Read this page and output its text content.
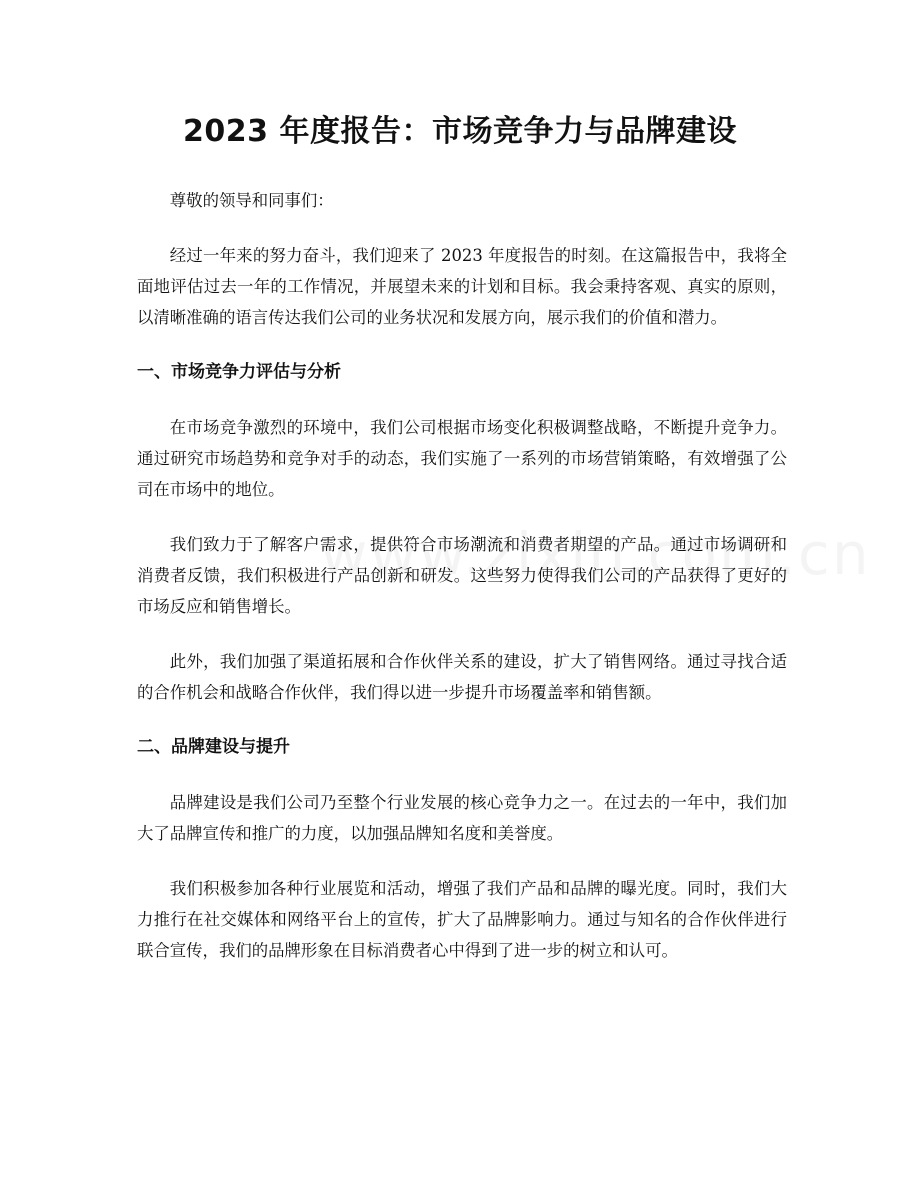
2023 年度报告：市场竞争力与品牌建设

尊敬的领导和同事们：

经过一年来的努力奋斗，我们迎来了 2023 年度报告的时刻。在这篇报告中，我将全面地评估过去一年的工作情况，并展望未来的计划和目标。我会秉持客观、真实的原则，以清晰准确的语言传达我们公司的业务状况和发展方向，展示我们的价值和潜力。

一、市场竞争力评估与分析

在市场竞争激烈的环境中，我们公司根据市场变化积极调整战略，不断提升竞争力。通过研究市场趋势和竞争对手的动态，我们实施了一系列的市场营销策略，有效增强了公司在市场中的地位。

我们致力于了解客户需求，提供符合市场潮流和消费者期望的产品。通过市场调研和消费者反馈，我们积极进行产品创新和研发。这些努力使得我们公司的产品获得了更好的市场反应和销售增长。

此外，我们加强了渠道拓展和合作伙伴关系的建设，扩大了销售网络。通过寻找合适的合作机会和战略合作伙伴，我们得以进一步提升市场覆盖率和销售额。

二、品牌建设与提升

品牌建设是我们公司乃至整个行业发展的核心竞争力之一。在过去的一年中，我们加大了品牌宣传和推广的力度，以加强品牌知名度和美誉度。

我们积极参加各种行业展览和活动，增强了我们产品和品牌的曝光度。同时，我们大力推行在社交媒体和网络平台上的宣传，扩大了品牌影响力。通过与知名的合作伙伴进行联合宣传，我们的品牌形象在目标消费者心中得到了进一步的树立和认可。
